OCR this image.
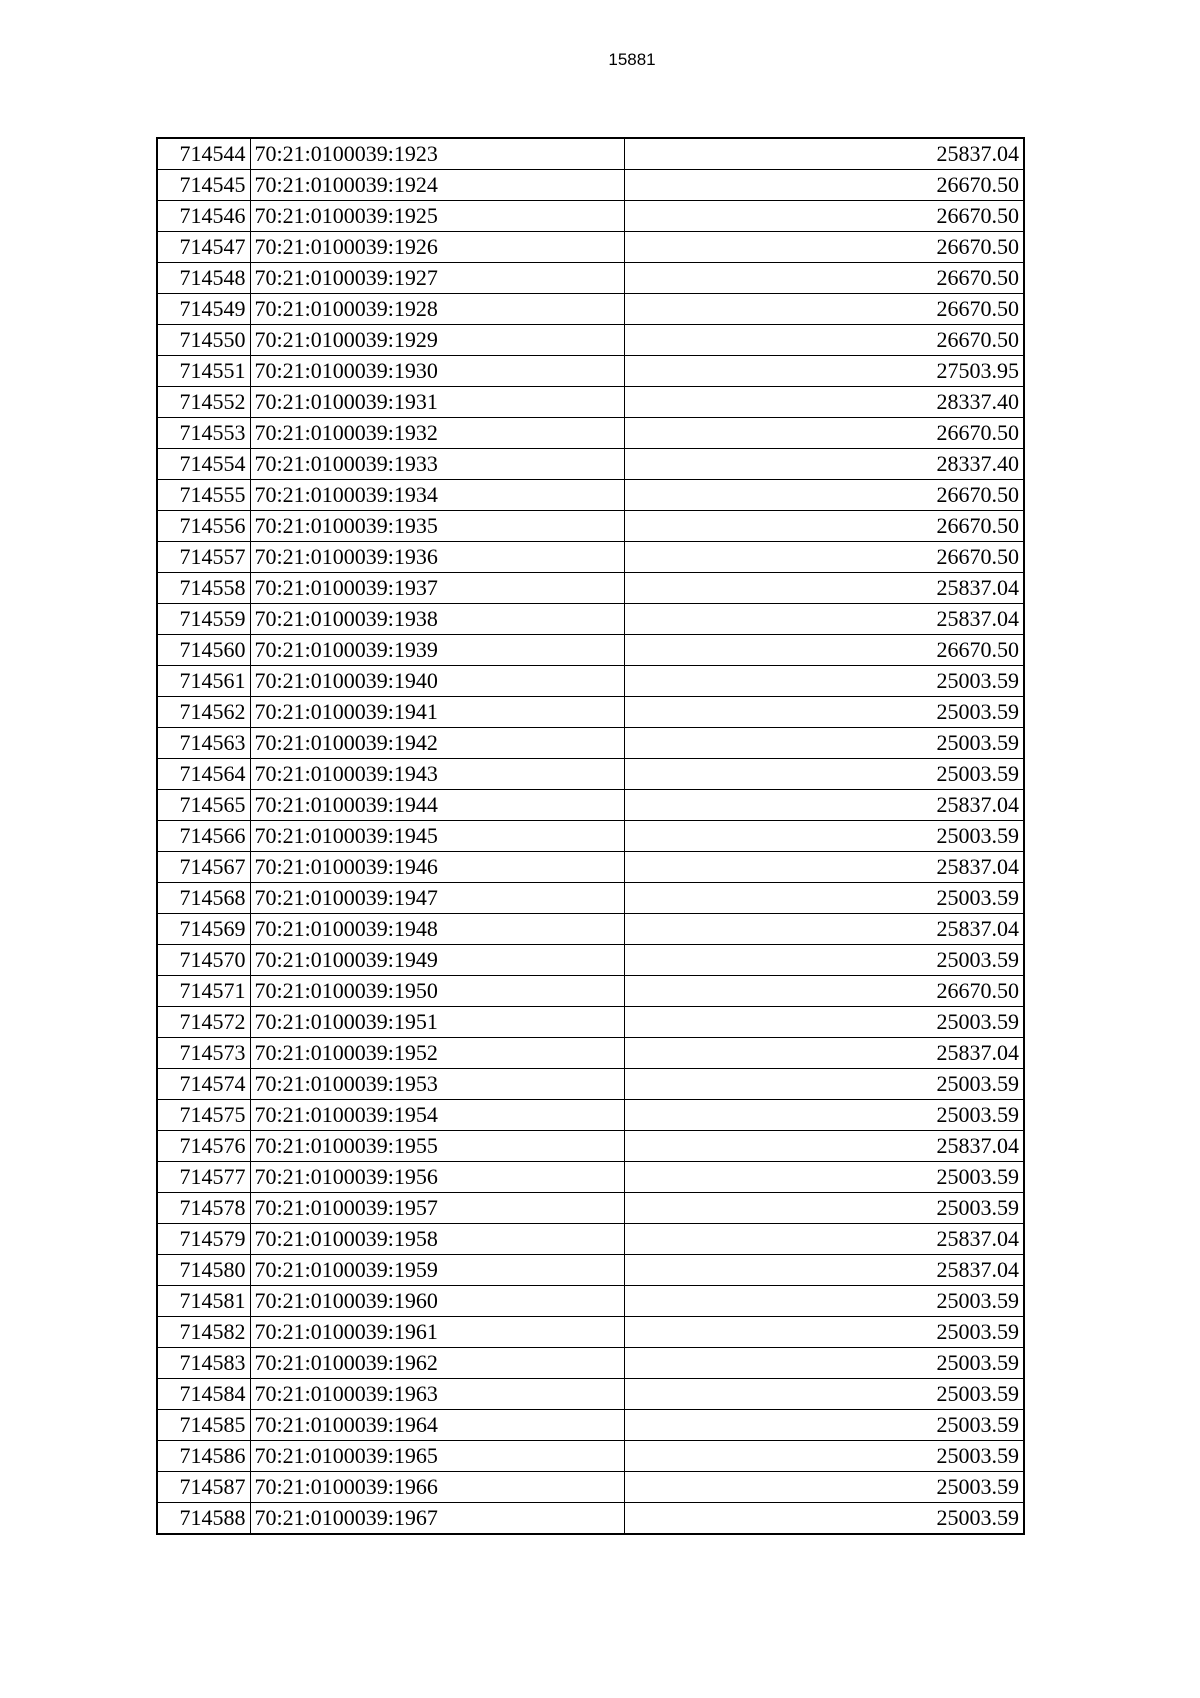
15881
714544	70:21:0100039:1923	25837.04
714545	70:21:0100039:1924	26670.50
714546	70:21:0100039:1925	26670.50
714547	70:21:0100039:1926	26670.50
714548	70:21:0100039:1927	26670.50
714549	70:21:0100039:1928	26670.50
714550	70:21:0100039:1929	26670.50
714551	70:21:0100039:1930	27503.95
714552	70:21:0100039:1931	28337.40
714553	70:21:0100039:1932	26670.50
714554	70:21:0100039:1933	28337.40
714555	70:21:0100039:1934	26670.50
714556	70:21:0100039:1935	26670.50
714557	70:21:0100039:1936	26670.50
714558	70:21:0100039:1937	25837.04
714559	70:21:0100039:1938	25837.04
714560	70:21:0100039:1939	26670.50
714561	70:21:0100039:1940	25003.59
714562	70:21:0100039:1941	25003.59
714563	70:21:0100039:1942	25003.59
714564	70:21:0100039:1943	25003.59
714565	70:21:0100039:1944	25837.04
714566	70:21:0100039:1945	25003.59
714567	70:21:0100039:1946	25837.04
714568	70:21:0100039:1947	25003.59
714569	70:21:0100039:1948	25837.04
714570	70:21:0100039:1949	25003.59
714571	70:21:0100039:1950	26670.50
714572	70:21:0100039:1951	25003.59
714573	70:21:0100039:1952	25837.04
714574	70:21:0100039:1953	25003.59
714575	70:21:0100039:1954	25003.59
714576	70:21:0100039:1955	25837.04
714577	70:21:0100039:1956	25003.59
714578	70:21:0100039:1957	25003.59
714579	70:21:0100039:1958	25837.04
714580	70:21:0100039:1959	25837.04
714581	70:21:0100039:1960	25003.59
714582	70:21:0100039:1961	25003.59
714583	70:21:0100039:1962	25003.59
714584	70:21:0100039:1963	25003.59
714585	70:21:0100039:1964	25003.59
714586	70:21:0100039:1965	25003.59
714587	70:21:0100039:1966	25003.59
714588	70:21:0100039:1967	25003.59
